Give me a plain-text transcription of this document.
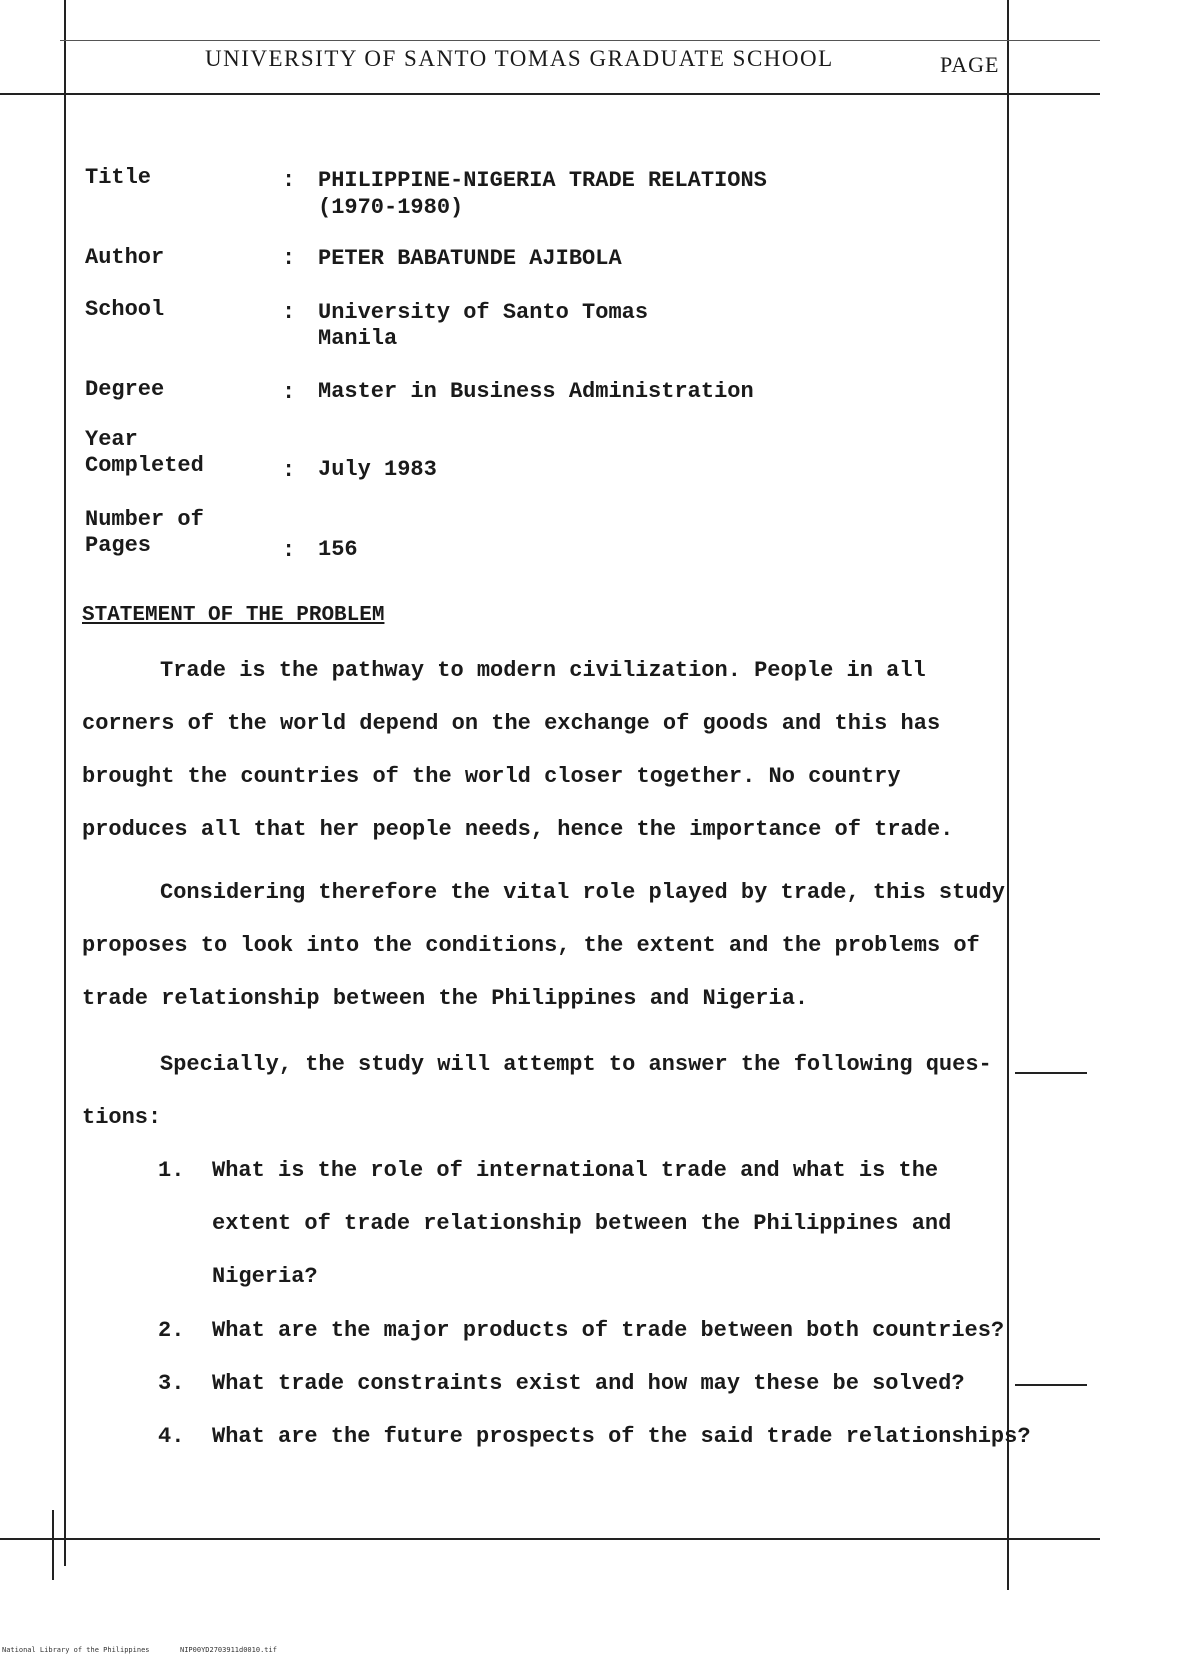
UNIVERSITY OF SANTO TOMAS GRADUATE SCHOOL	PAGE
Title	: PHILIPPINE-NIGERIA TRADE RELATIONS
(1970-1980)
Author	: PETER BABATUNDE AJIBOLA
School	: University of Santo Tomas
Manila
Degree	: Master in Business Administration
Year
Completed	: July 1983
Number of
Pages	: 156
STATEMENT OF THE PROBLEM
Trade is the pathway to modern civilization. People in all
corners of the world depend on the exchange of goods and this has
brought the countries of the world closer together. No country
produces all that her people needs, hence the importance of trade.
Considering therefore the vital role played by trade, this study
proposes to look into the conditions, the extent and the problems of
trade relationship between the Philippines and Nigeria.
Specially, the study will attempt to answer the following ques-
tions:
1. What is the role of international trade and what is the
extent of trade relationship between the Philippines and
Nigeria?
2. What are the major products of trade between both countries?
3. What trade constraints exist and how may these be solved?
4. What are the future prospects of the said trade relationships?
National Library of the Philippines	NIP00YD2703911d0010.tif
